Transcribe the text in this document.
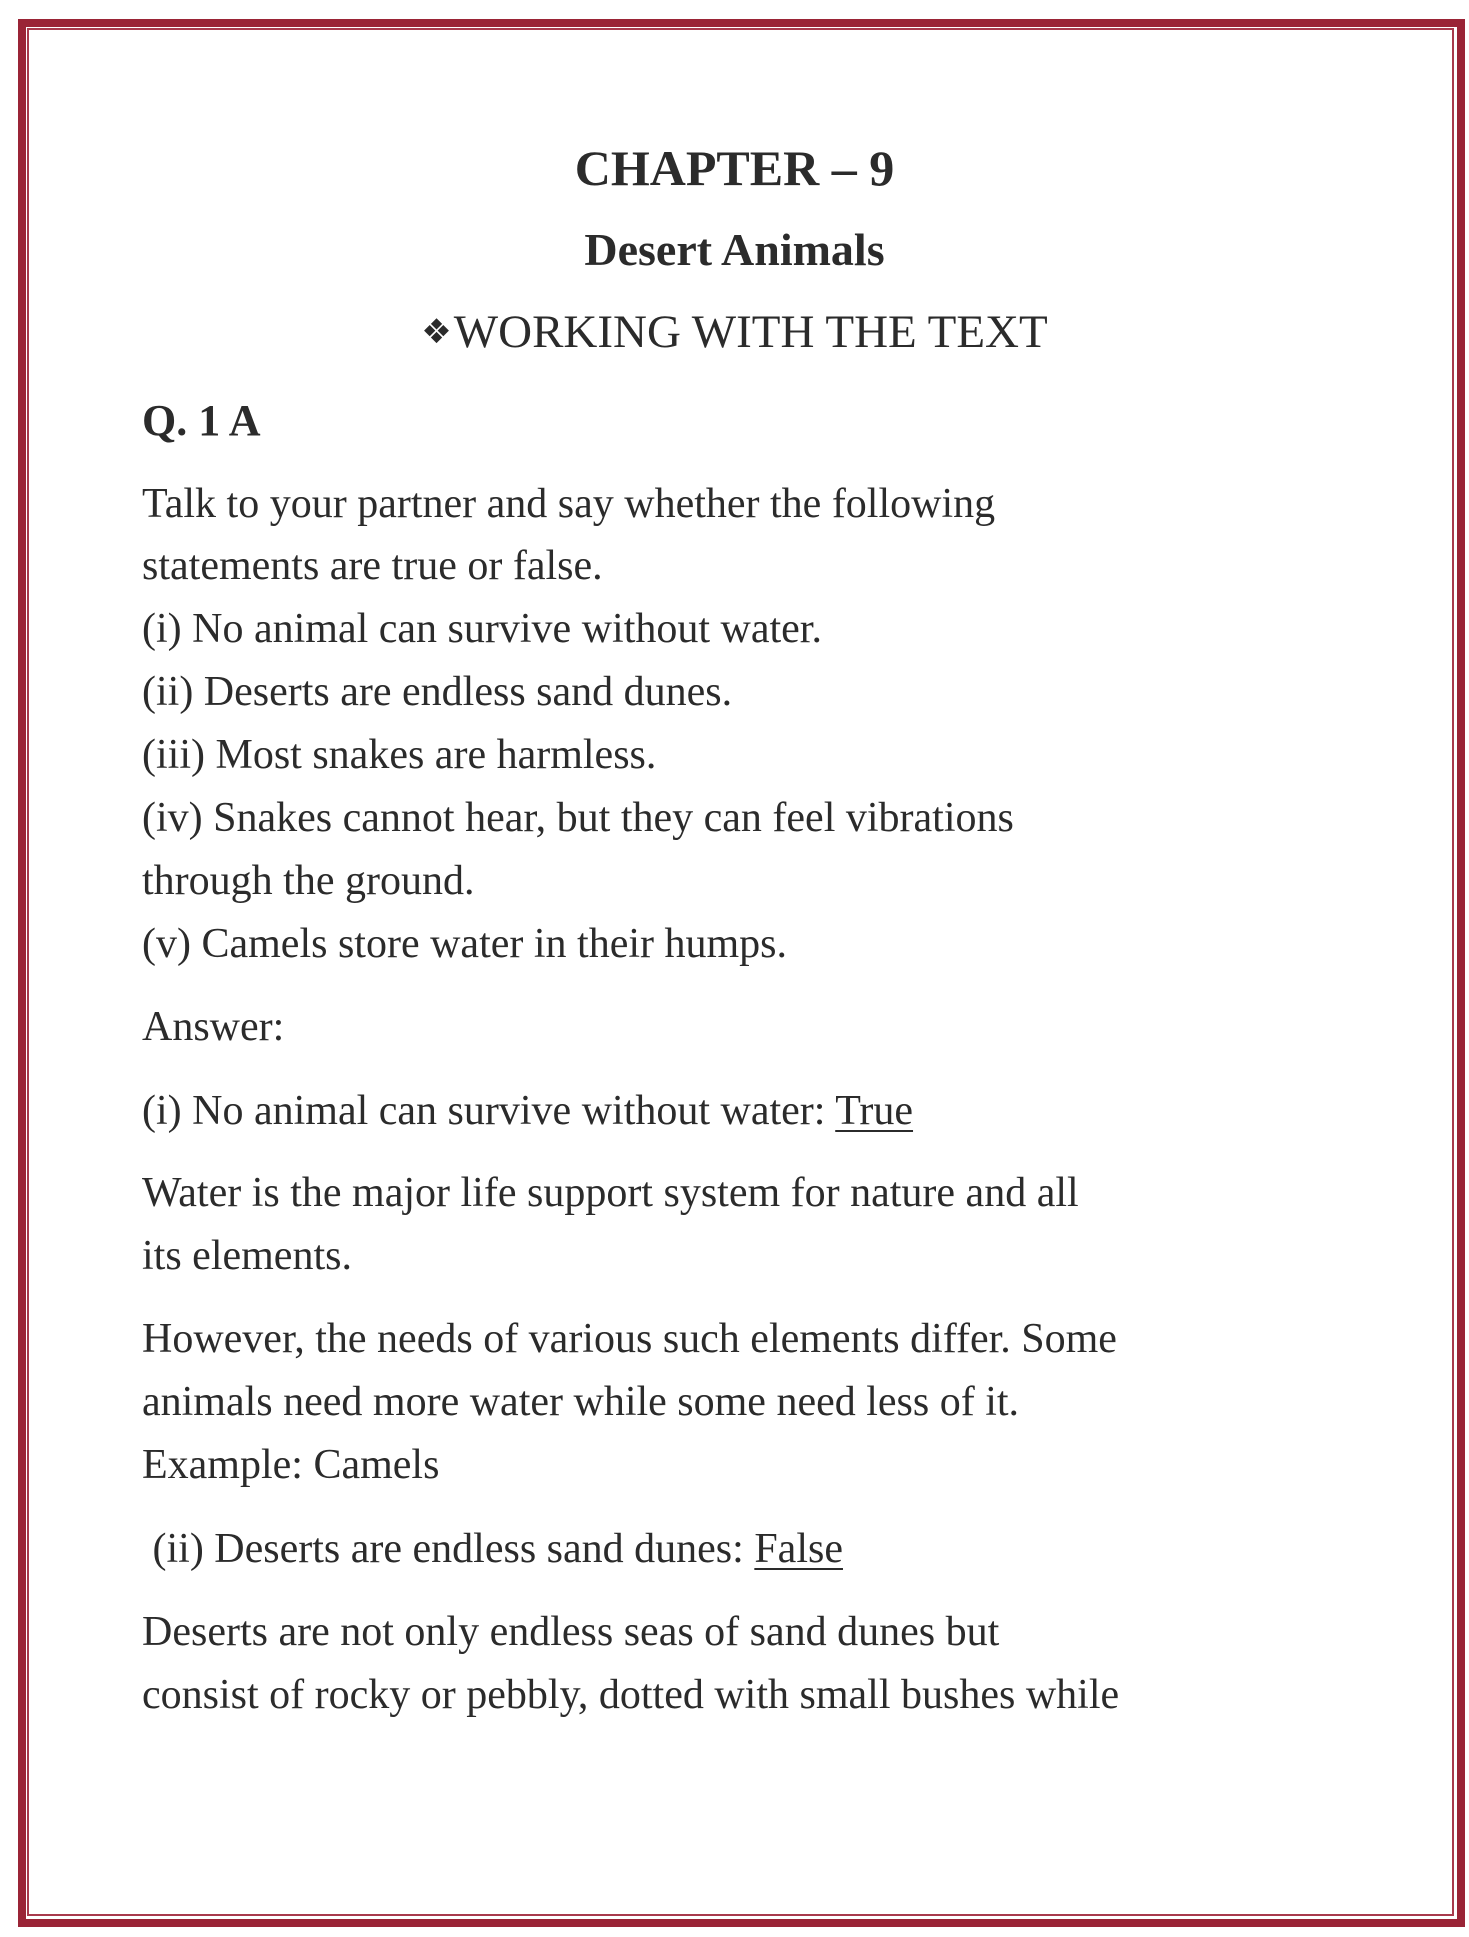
CHAPTER – 9
Desert Animals
❖WORKING WITH THE TEXT
Q. 1 A
Talk to your partner and say whether the following
statements are true or false.
(i) No animal can survive without water.
(ii) Deserts are endless sand dunes.
(iii) Most snakes are harmless.
(iv) Snakes cannot hear, but they can feel vibrations
through the ground.
(v) Camels store water in their humps.
Answer:
(i) No animal can survive without water: True
Water is the major life support system for nature and all
its elements.
However, the needs of various such elements differ. Some
animals need more water while some need less of it.
Example: Camels
(ii) Deserts are endless sand dunes: False
Deserts are not only endless seas of sand dunes but
consist of rocky or pebbly, dotted with small bushes while
